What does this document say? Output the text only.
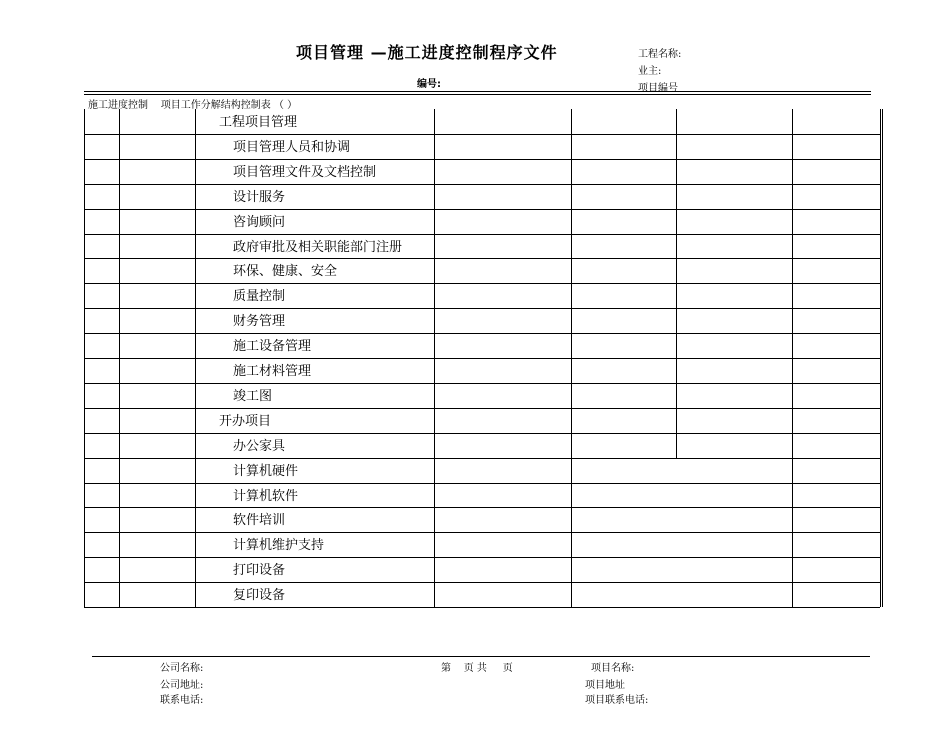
项目管理 —施工进度控制程序文件	工程名称:
业主:
项目编号
编号:
施工进度控制 项目工作分解结构控制表 （ ）
工程项目管理
项目管理人员和协调
项目管理文件及文档控制
设计服务
咨询顾问
政府审批及相关职能部门注册
环保、健康、安全
质量控制
财务管理
施工设备管理
施工材料管理
竣工图
开办项目
办公家具
计算机硬件
计算机软件
软件培训
计算机维护支持
打印设备
复印设备
公司名称:
公司地址:
联系电话:
第    页 共     页	项目名称:
项目地址
项目联系电话:
